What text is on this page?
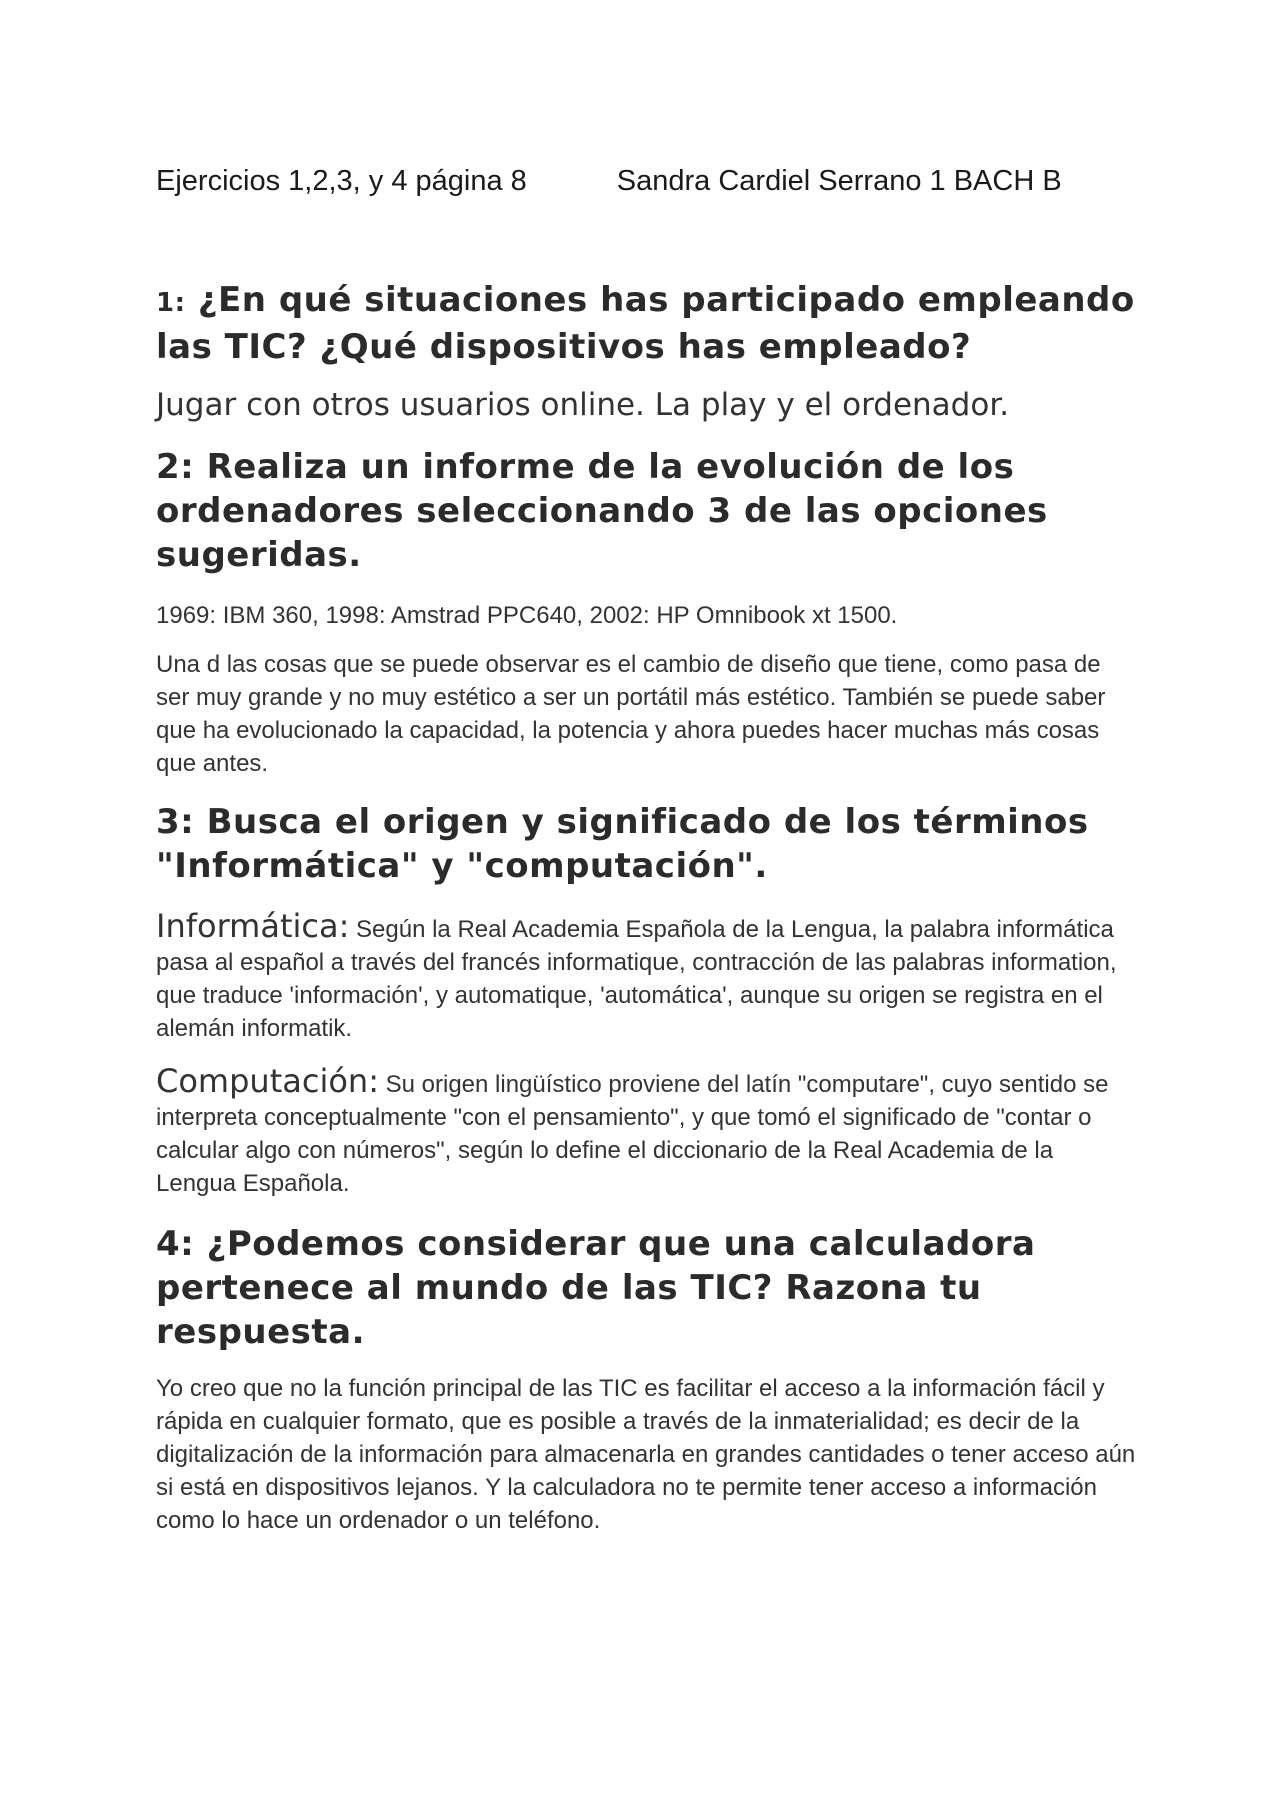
Ejercicios 1,2,3, y 4 página 8	Sandra Cardiel Serrano 1 BACH B
1: ¿En qué situaciones has participado empleando las TIC? ¿Qué dispositivos has empleado?

Jugar con otros usuarios online. La play y el ordenador.

2: Realiza un informe de la evolución de los ordenadores seleccionando 3 de las opciones sugeridas.

1969: IBM 360, 1998: Amstrad PPC640, 2002: HP Omnibook xt 1500.

Una d las cosas que se puede observar es el cambio de diseño que tiene, como pasa de ser muy grande y no muy estético a ser un portátil más estético. También se puede saber que ha evolucionado la capacidad, la potencia y ahora puedes hacer muchas más cosas que antes.

3: Busca el origen y significado de los términos "Informática" y "computación".

Informática: Según la Real Academia Española de la Lengua, la palabra informática pasa al español a través del francés informatique, contracción de las palabras information, que traduce 'información', y automatique, 'automática', aunque su origen se registra en el alemán informatik.

Computación: Su origen lingüístico proviene del latín "computare", cuyo sentido se interpreta conceptualmente "con el pensamiento", y que tomó el significado de "contar o calcular algo con números", según lo define el diccionario de la Real Academia de la Lengua Española.

4: ¿Podemos considerar que una calculadora pertenece al mundo de las TIC? Razona tu respuesta.

Yo creo que no la función principal de las TIC es facilitar el acceso a la información fácil y rápida en cualquier formato, que es posible a través de la inmaterialidad; es decir de la digitalización de la información para almacenarla en grandes cantidades o tener acceso aún si está en dispositivos lejanos. Y la calculadora no te permite tener acceso a información como lo hace un ordenador o un teléfono.
